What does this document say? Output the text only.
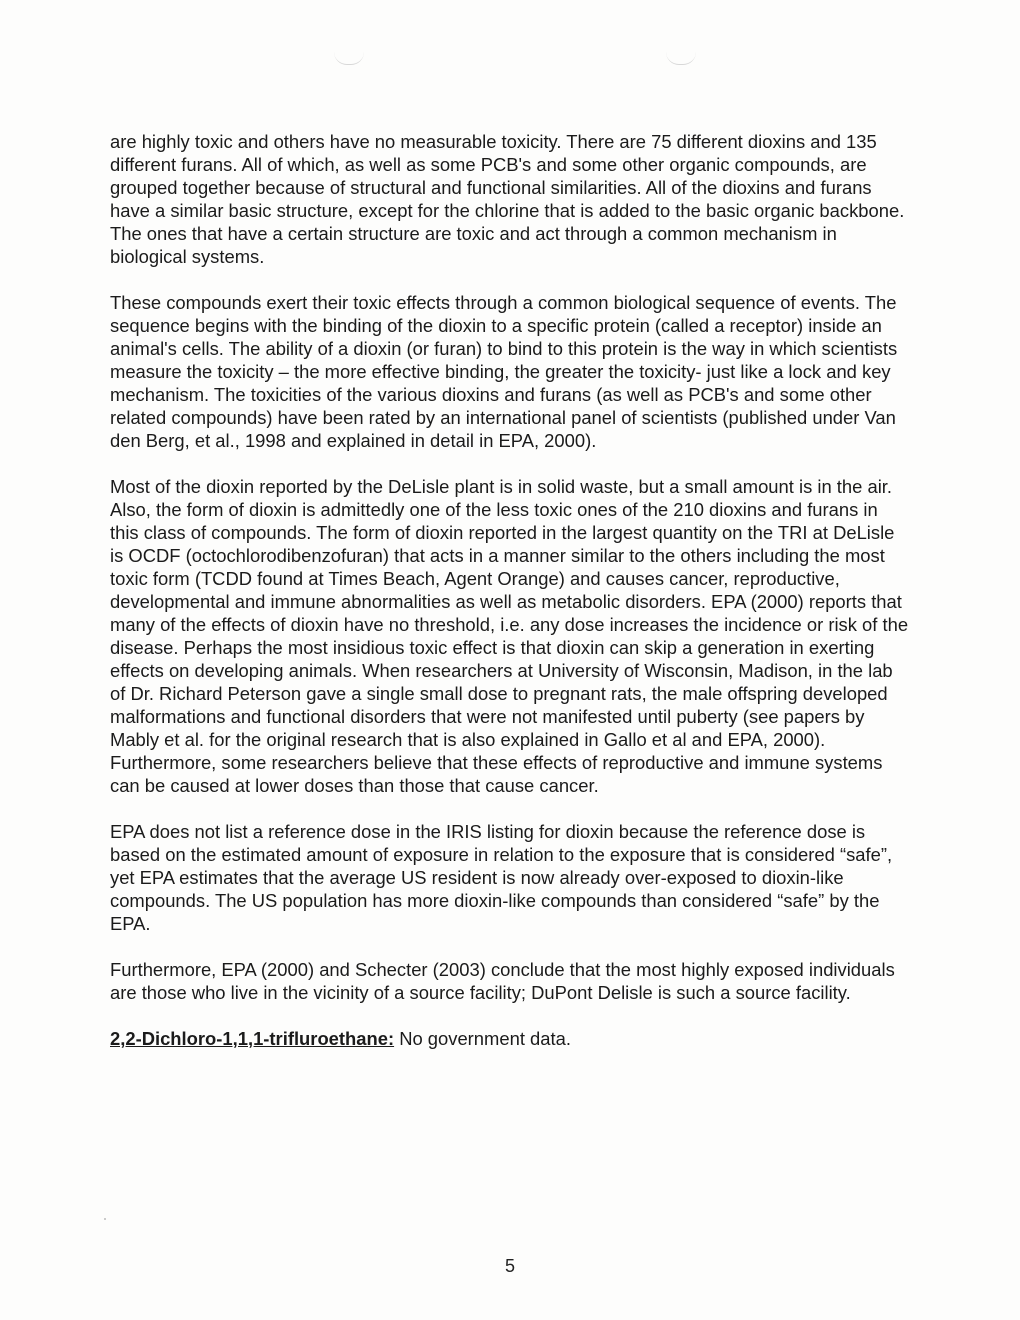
are highly toxic and others have no measurable toxicity. There are 75 different dioxins and 135 different furans. All of which, as well as some PCB's and some other organic compounds, are grouped together because of structural and functional similarities. All of the dioxins and furans have a similar basic structure, except for the chlorine that is added to the basic organic backbone. The ones that have a certain structure are toxic and act through a common mechanism in biological systems.

These compounds exert their toxic effects through a common biological sequence of events. The sequence begins with the binding of the dioxin to a specific protein (called a receptor) inside an animal's cells. The ability of a dioxin (or furan) to bind to this protein is the way in which scientists measure the toxicity – the more effective binding, the greater the toxicity- just like a lock and key mechanism. The toxicities of the various dioxins and furans (as well as PCB's and some other related compounds) have been rated by an international panel of scientists (published under Van den Berg, et al., 1998 and explained in detail in EPA, 2000).

Most of the dioxin reported by the DeLisle plant is in solid waste, but a small amount is in the air. Also, the form of dioxin is admittedly one of the less toxic ones of the 210 dioxins and furans in this class of compounds. The form of dioxin reported in the largest quantity on the TRI at DeLisle is OCDF (octochlorodibenzofuran) that acts in a manner similar to the others including the most toxic form (TCDD found at Times Beach, Agent Orange) and causes cancer, reproductive, developmental and immune abnormalities as well as metabolic disorders. EPA (2000) reports that many of the effects of dioxin have no threshold, i.e. any dose increases the incidence or risk of the disease. Perhaps the most insidious toxic effect is that dioxin can skip a generation in exerting effects on developing animals. When researchers at University of Wisconsin, Madison, in the lab of Dr. Richard Peterson gave a single small dose to pregnant rats, the male offspring developed malformations and functional disorders that were not manifested until puberty (see papers by Mably et al. for the original research that is also explained in Gallo et al and EPA, 2000). Furthermore, some researchers believe that these effects of reproductive and immune systems can be caused at lower doses than those that cause cancer.

EPA does not list a reference dose in the IRIS listing for dioxin because the reference dose is based on the estimated amount of exposure in relation to the exposure that is considered “safe”, yet EPA estimates that the average US resident is now already over-exposed to dioxin-like compounds. The US population has more dioxin-like compounds than considered “safe” by the EPA.

Furthermore, EPA (2000) and Schecter (2003) conclude that the most highly exposed individuals are those who live in the vicinity of a source facility; DuPont Delisle is such a source facility.

2,2-Dichloro-1,1,1-trifluroethane: No government data.

5
